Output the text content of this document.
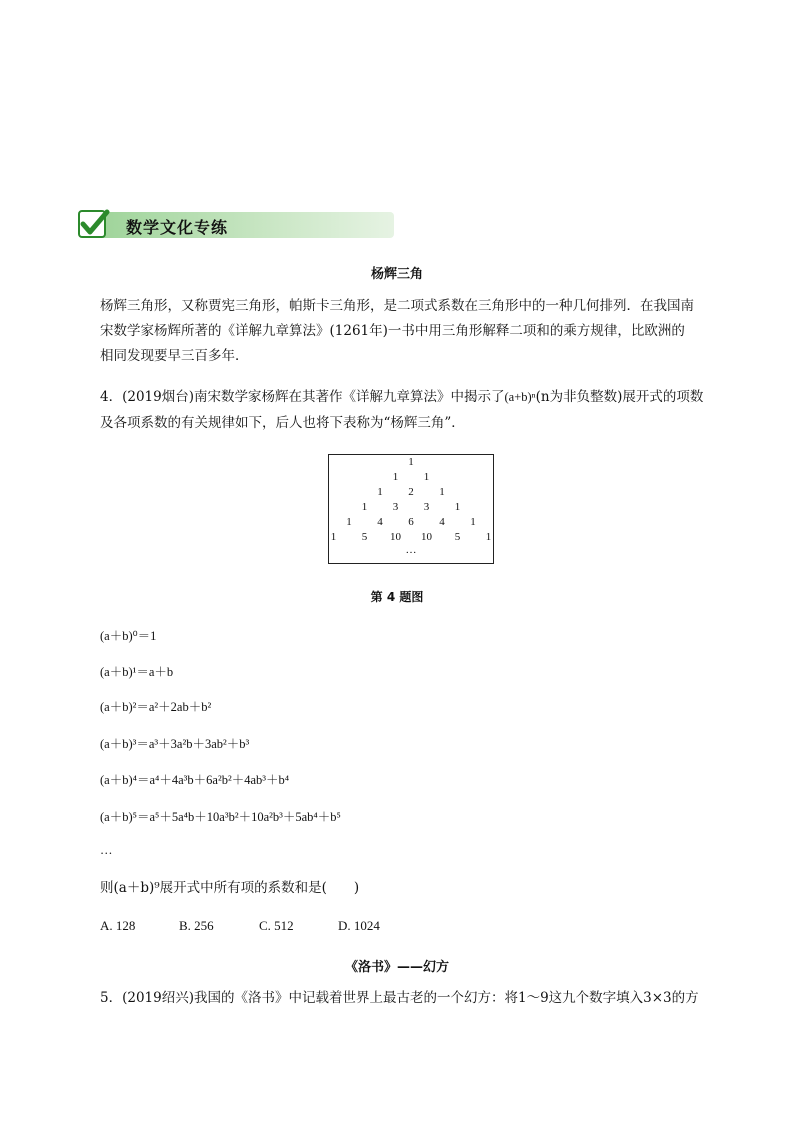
数学文化专练
杨辉三角
杨辉三角形，又称贾宪三角形，帕斯卡三角形，是二项式系数在三角形中的一种几何排列．在我国南宋数学家杨辉所著的《详解九章算法》(1261年)一书中用三角形解释二项和的乘方规律，比欧洲的相同发现要早三百多年．
4．(2019烟台)南宋数学家杨辉在其著作《详解九章算法》中揭示了(a+b)ⁿ(n为非负整数)展开式的项数
及各项系数的有关规律如下，后人也将下表称为“杨辉三角”．
1
1 1
1 2 1
1 3 3 1
1 4 6 4 1
1 5 10 10 5 1
…
第 4 题图
(a＋b)⁰＝1
(a＋b)¹＝a＋b
(a＋b)²＝a²＋2ab＋b²
(a＋b)³＝a³＋3a²b＋3ab²＋b³
(a＋b)⁴＝a⁴＋4a³b＋6a²b²＋4ab³＋b⁴
(a＋b)⁵＝a⁵＋5a⁴b＋10a³b²＋10a²b³＋5ab⁴＋b⁵
…
则(a＋b)⁹展开式中所有项的系数和是(　　)
A. 128	B. 256	C. 512	D. 1024
《洛书》——幻方
5．(2019绍兴)我国的《洛书》中记载着世界上最古老的一个幻方：将1～9这九个数字填入3×3的方
